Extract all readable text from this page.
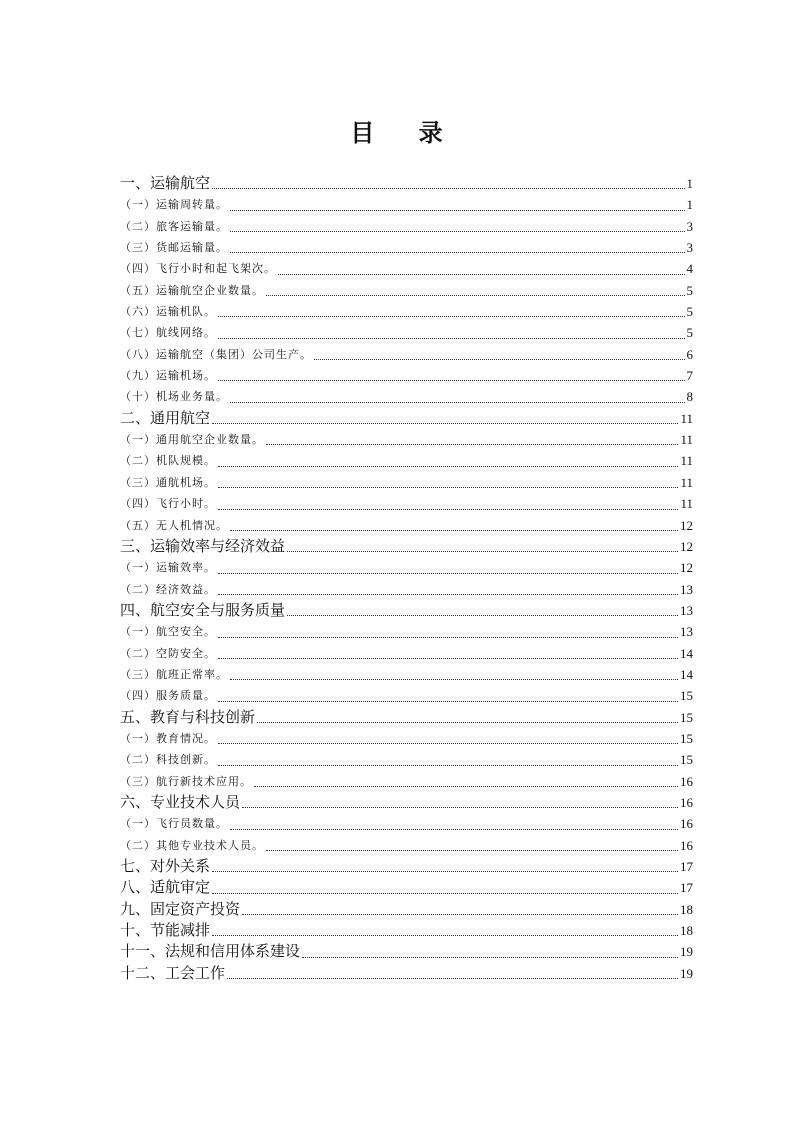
目 录
一、运输航空	1
（一）运输周转量。	1
（二）旅客运输量。	3
（三）货邮运输量。	3
（四）飞行小时和起飞架次。	4
（五）运输航空企业数量。	5
（六）运输机队。	5
（七）航线网络。	5
（八）运输航空（集团）公司生产。	6
（九）运输机场。	7
（十）机场业务量。	8
二、通用航空	11
（一）通用航空企业数量。	11
（二）机队规模。	11
（三）通航机场。	11
（四）飞行小时。	11
（五）无人机情况。	12
三、运输效率与经济效益	12
（一）运输效率。	12
（二）经济效益。	13
四、航空安全与服务质量	13
（一）航空安全。	13
（二）空防安全。	14
（三）航班正常率。	14
（四）服务质量。	15
五、教育与科技创新	15
（一）教育情况。	15
（二）科技创新。	15
（三）航行新技术应用。	16
六、专业技术人员	16
（一）飞行员数量。	16
（二）其他专业技术人员。	16
七、对外关系	17
八、适航审定	17
九、固定资产投资	18
十、节能减排	18
十一、法规和信用体系建设	19
十二、工会工作	19
